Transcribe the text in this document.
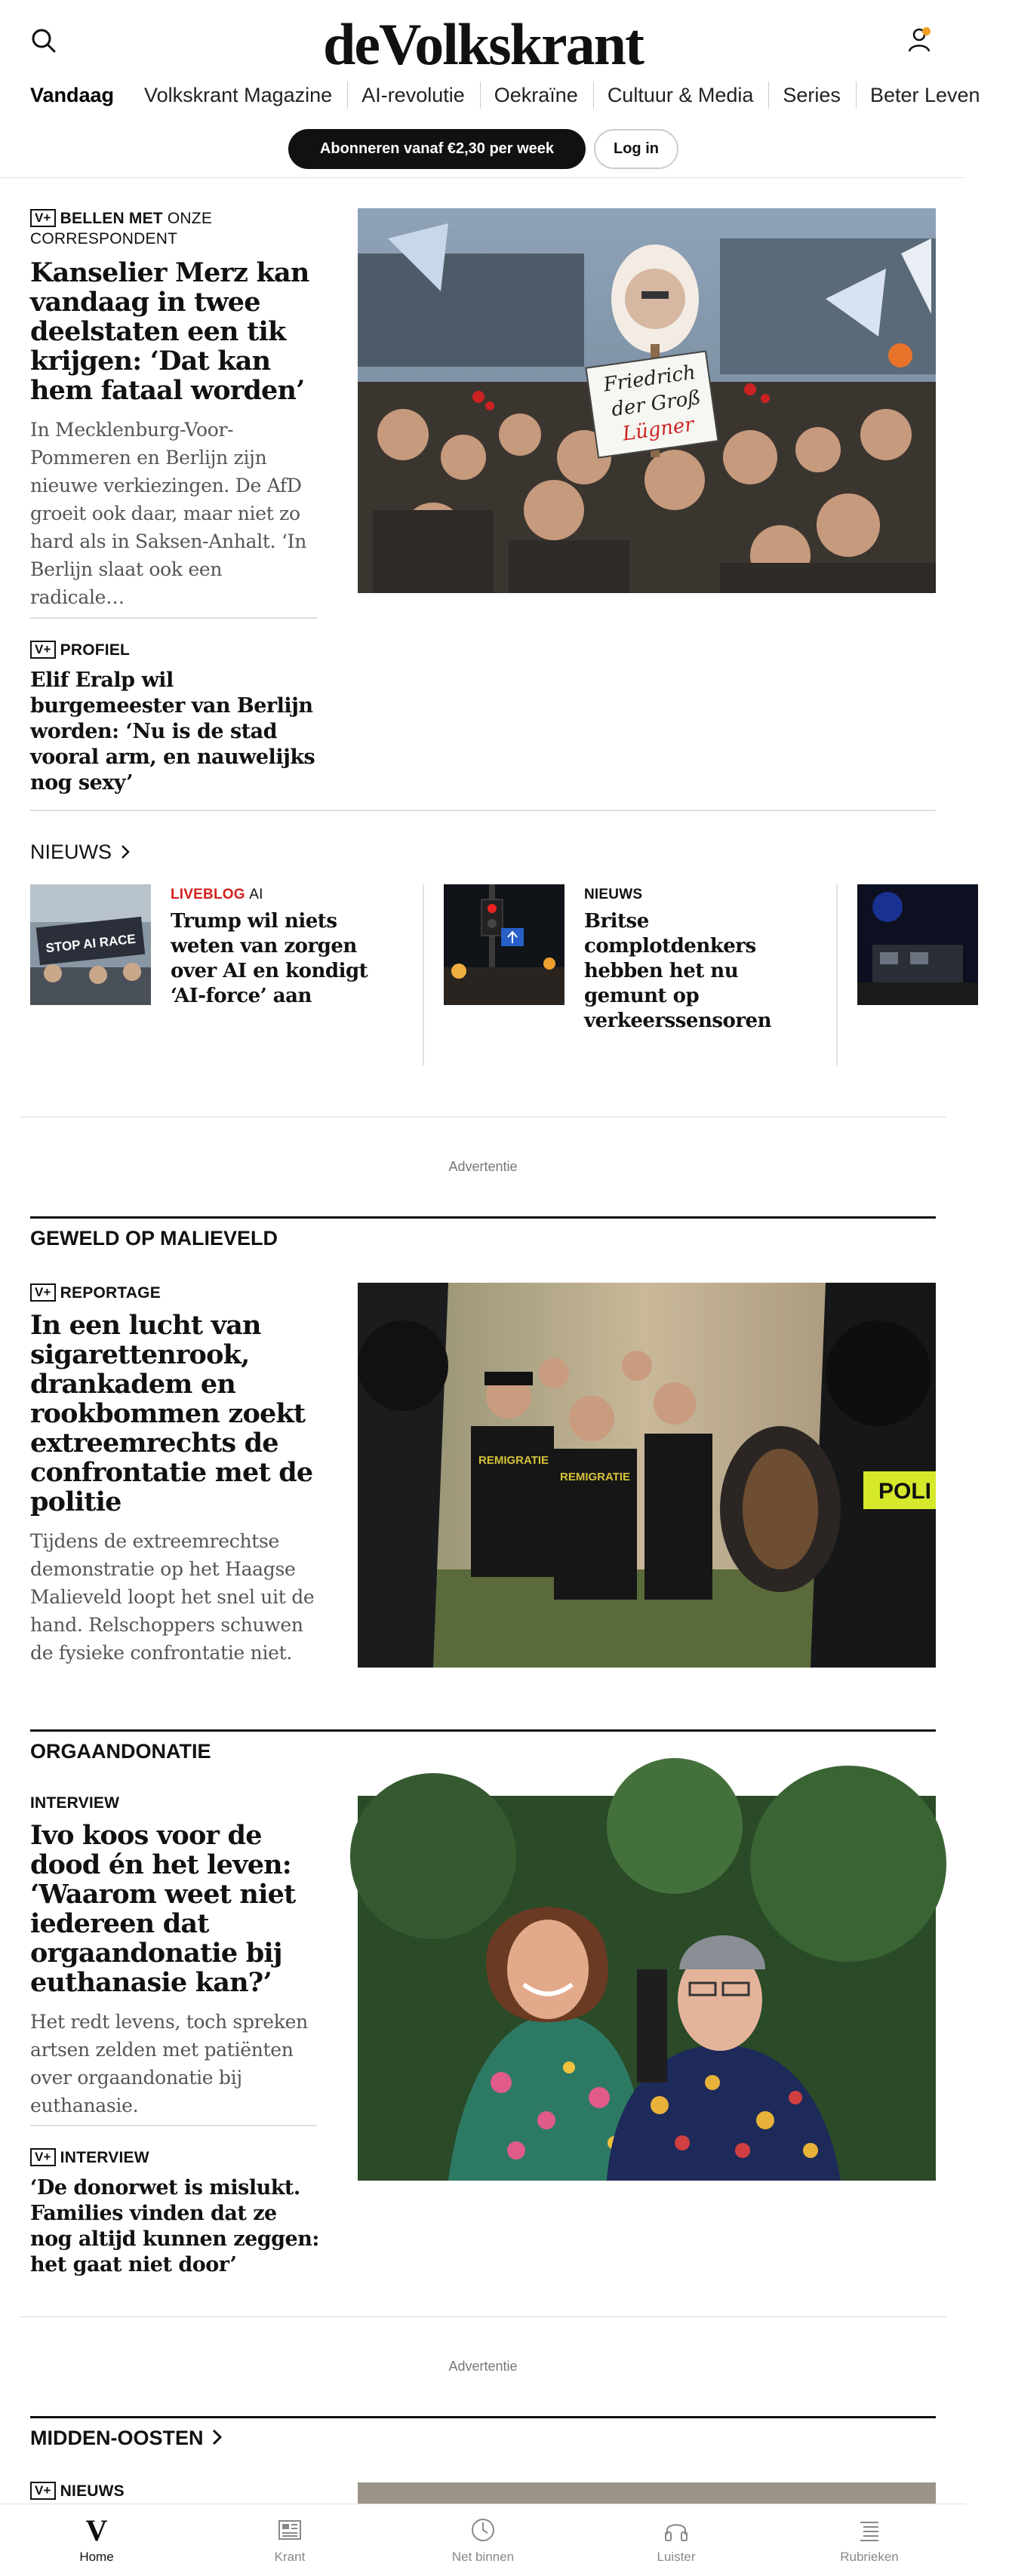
deVolkskrant
Vandaag Volkskrant Magazine AI-revolutie Oekraïne Cultuur & Media Series Beter Leven
Abonneren vanaf €2,30 per week	Log in
V+ BELLEN MET ONZE CORRESPONDENT
Kanselier Merz kan vandaag in twee deelstaten een tik krijgen: ‘Dat kan hem fataal worden’
In Mecklenburg-Voor-Pommeren en Berlijn zijn nieuwe verkiezingen. De AfD groeit ook daar, maar niet zo hard als in Saksen-Anhalt. ‘In Berlijn slaat ook een radicale…
Friedrich
der Groß
Lügner
V+ PROFIEL
Elif Eralp wil burgemeester van Berlijn worden: ‘Nu is de stad vooral arm, en nauwelijks nog sexy’
NIEUWS
STOP AI RACE
LIVEBLOG AI
Trump wil niets weten van zorgen over AI en kondigt ‘AI-force’ aan
NIEUWS
Britse complotdenkers hebben het nu gemunt op verkeerssensoren
Advertentie
GEWELD OP MALIEVELD
V+ REPORTAGE
In een lucht van sigarettenrook, drankadem en rookbommen zoekt extreemrechts de confrontatie met de politie
Tijdens de extreemrechtse demonstratie op het Haagse Malieveld loopt het snel uit de hand. Relschoppers schuwen de fysieke confrontatie niet.
POLI
REMIGRATIE
REMIGRATIE
ORGAANDONATIE
INTERVIEW
Ivo koos voor de dood én het leven: ‘Waarom weet niet iedereen dat orgaandonatie bij euthanasie kan?’
Het redt levens, toch spreken artsen zelden met patiënten over orgaandonatie bij euthanasie.
V+ INTERVIEW
‘De donorwet is mislukt. Families vinden dat ze nog altijd kunnen zeggen: het gaat niet door’
Advertentie
MIDDEN-OOSTEN
V+ NIEUWS
V
Home	Krant	Net binnen	Luister	Rubrieken
